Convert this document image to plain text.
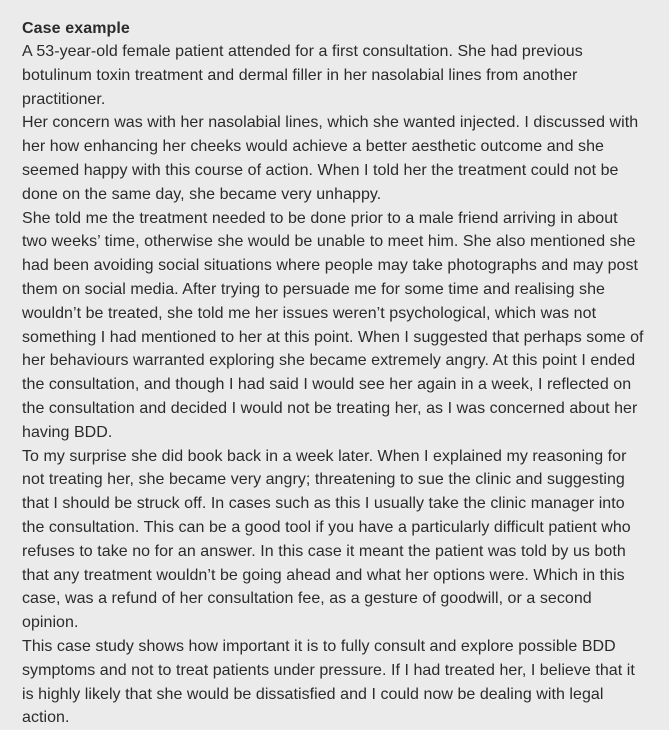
Case example

A 53-year-old female patient attended for a first consultation. She had previous botulinum toxin treatment and dermal filler in her nasolabial lines from another practitioner.

Her concern was with her nasolabial lines, which she wanted injected. I discussed with her how enhancing her cheeks would achieve a better aesthetic outcome and she seemed happy with this course of action. When I told her the treatment could not be done on the same day, she became very unhappy.

She told me the treatment needed to be done prior to a male friend arriving in about two weeks’ time, otherwise she would be unable to meet him. She also mentioned she had been avoiding social situations where people may take photographs and may post them on social media. After trying to persuade me for some time and realising she wouldn’t be treated, she told me her issues weren’t psychological, which was not something I had mentioned to her at this point. When I suggested that perhaps some of her behaviours warranted exploring she became extremely angry. At this point I ended the consultation, and though I had said I would see her again in a week, I reflected on the consultation and decided I would not be treating her, as I was concerned about her having BDD.

To my surprise she did book back in a week later. When I explained my reasoning for not treating her, she became very angry; threatening to sue the clinic and suggesting that I should be struck off. In cases such as this I usually take the clinic manager into the consultation. This can be a good tool if you have a particularly difficult patient who refuses to take no for an answer. In this case it meant the patient was told by us both that any treatment wouldn’t be going ahead and what her options were. Which in this case, was a refund of her consultation fee, as a gesture of goodwill, or a second opinion.

This case study shows how important it is to fully consult and explore possible BDD symptoms and not to treat patients under pressure. If I had treated her, I believe that it is highly likely that she would be dissatisfied and I could now be dealing with legal action.
